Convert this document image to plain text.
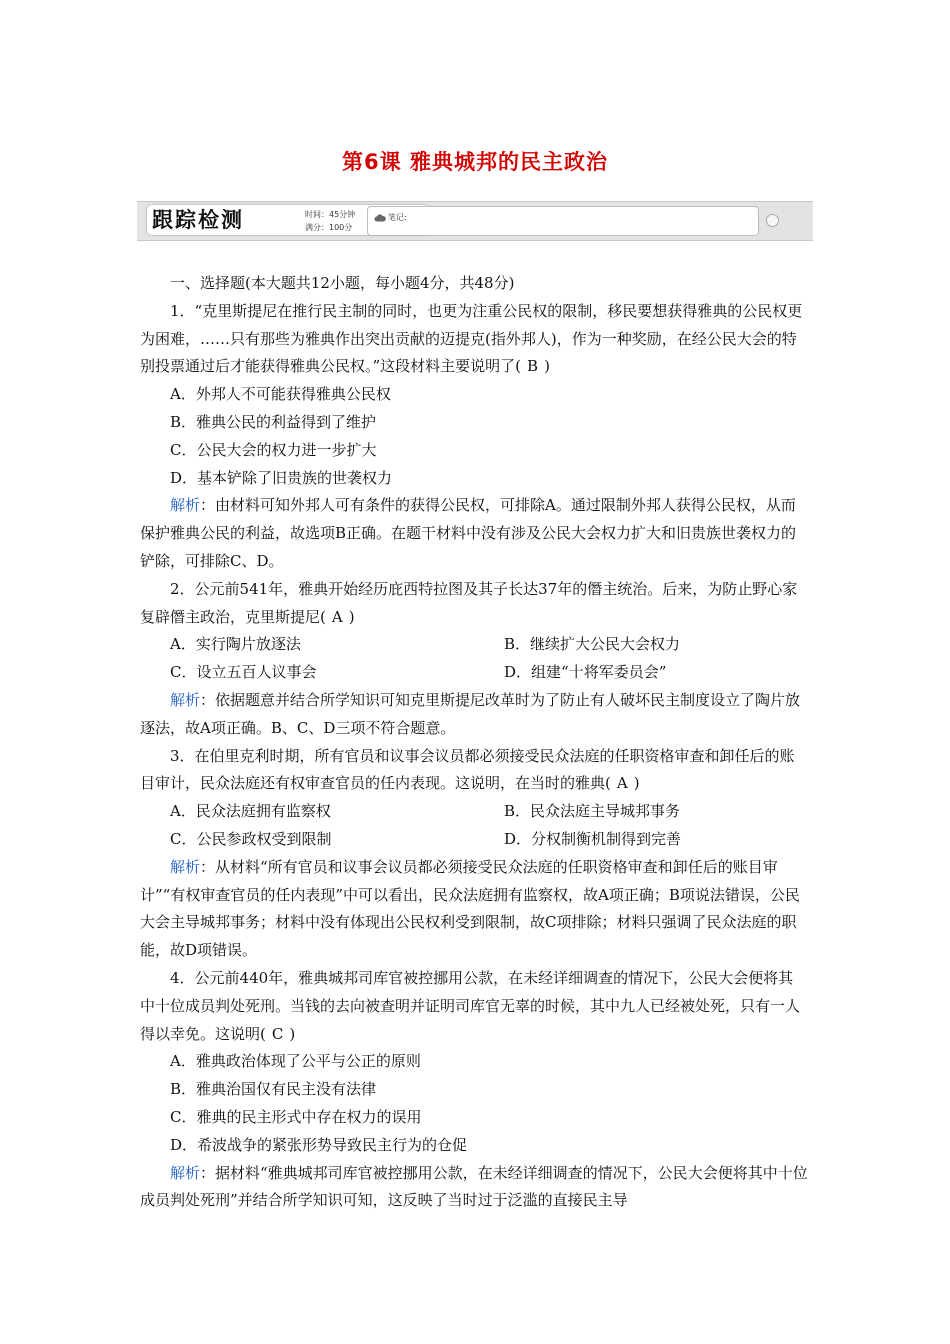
第6课 雅典城邦的民主政治
跟踪检测	时间：45分钟
满分：100分
笔记:

一、选择题(本大题共12小题，每小题4分，共48分)

1．“克里斯提尼在推行民主制的同时，也更为注重公民权的限制，移民要想获得雅典的公民权更为困难，……只有那些为雅典作出突出贡献的迈提克(指外邦人)，作为一种奖励，在经公民大会的特别投票通过后才能获得雅典公民权。”这段材料主要说明了( B )

A．外邦人不可能获得雅典公民权

B．雅典公民的利益得到了维护

C．公民大会的权力进一步扩大

D．基本铲除了旧贵族的世袭权力

解析：由材料可知外邦人可有条件的获得公民权，可排除A。通过限制外邦人获得公民权，从而保护雅典公民的利益，故选项B正确。在题干材料中没有涉及公民大会权力扩大和旧贵族世袭权力的铲除，可排除C、D。

2．公元前541年，雅典开始经历庇西特拉图及其子长达37年的僭主统治。后来，为防止野心家复辟僭主政治，克里斯提尼( A )

A．实行陶片放逐法	B．继续扩大公民大会权力
C．设立五百人议事会	D．组建“十将军委员会”

解析：依据题意并结合所学知识可知克里斯提尼改革时为了防止有人破坏民主制度设立了陶片放逐法，故A项正确。B、C、D三项不符合题意。

3．在伯里克利时期，所有官员和议事会议员都必须接受民众法庭的任职资格审查和卸任后的账目审计，民众法庭还有权审查官员的任内表现。这说明，在当时的雅典( A )

A．民众法庭拥有监察权	B．民众法庭主导城邦事务
C．公民参政权受到限制	D．分权制衡机制得到完善

解析：从材料“所有官员和议事会议员都必须接受民众法庭的任职资格审查和卸任后的账目审计”“有权审查官员的任内表现”中可以看出，民众法庭拥有监察权，故A项正确；B项说法错误，公民大会主导城邦事务；材料中没有体现出公民权利受到限制，故C项排除；材料只强调了民众法庭的职能，故D项错误。

4．公元前440年，雅典城邦司库官被控挪用公款，在未经详细调查的情况下，公民大会便将其中十位成员判处死刑。当钱的去向被查明并证明司库官无辜的时候，其中九人已经被处死，只有一人得以幸免。这说明( C )

A．雅典政治体现了公平与公正的原则

B．雅典治国仅有民主没有法律

C．雅典的民主形式中存在权力的误用

D．希波战争的紧张形势导致民主行为的仓促

解析：据材料“雅典城邦司库官被控挪用公款，在未经详细调查的情况下，公民大会便将其中十位成员判处死刑”并结合所学知识可知，这反映了当时过于泛滥的直接民主导
